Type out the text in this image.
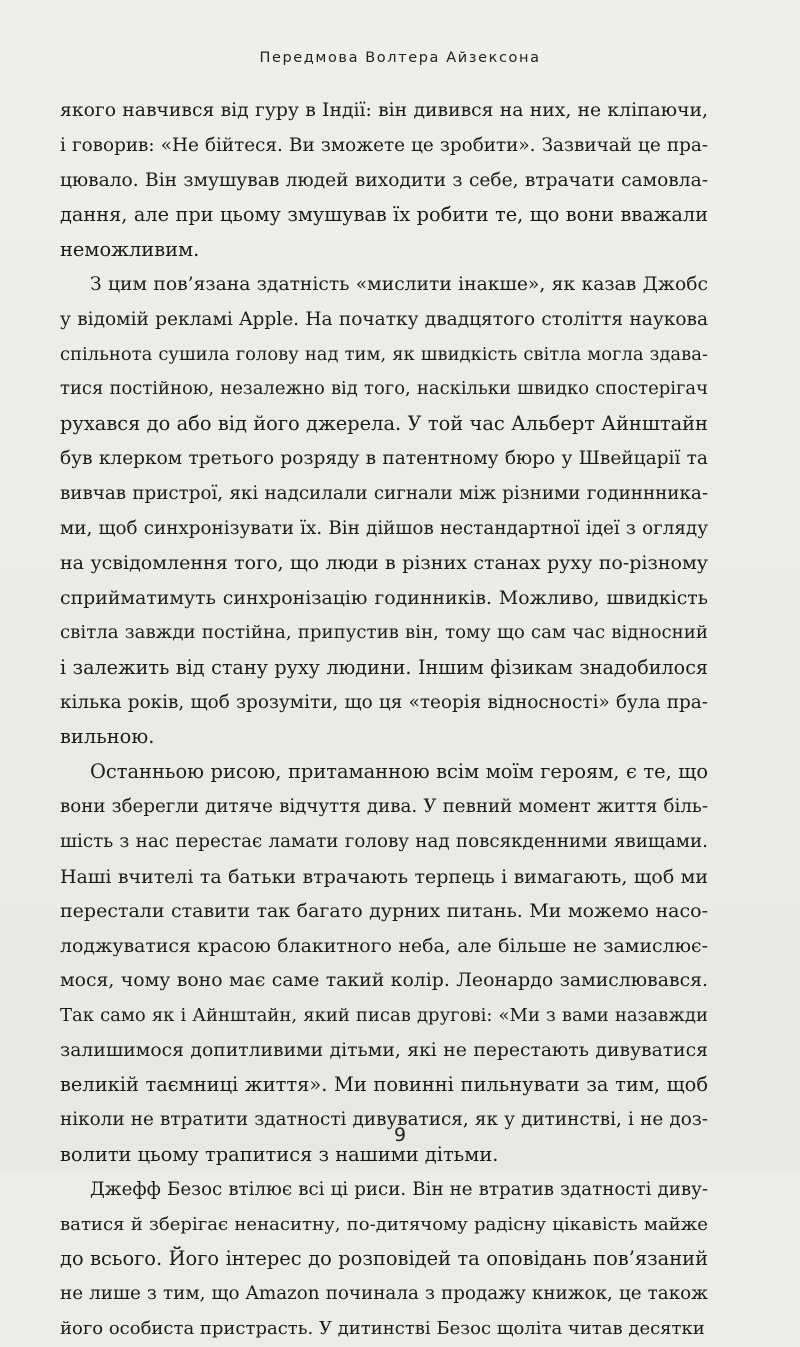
Передмова Волтера Айзексона
якого навчився від гуру в Індії: він дивився на них, не кліпаючи,
і говорив: «Не бійтеся. Ви зможете це зробити». Зазвичай це пра-
цювало. Він змушував людей виходити з себе, втрачати самовла-
дання, але при цьому змушував їх робити те, що вони вважали
неможливим.
З цим пов’язана здатність «мислити інакше», як казав Джобс
у відомій рекламі Apple. На початку двадцятого століття наукова
спільнота сушила голову над тим, як швидкість світла могла здава-
тися постійною, незалежно від того, наскільки швидко спостерігач
рухався до або від його джерела. У той час Альберт Айнштайн
був клерком третього розряду в патентному бюро у Швейцарії та
вивчав пристрої, які надсилали сигнали між різними годиннника-
ми, щоб синхронізувати їх. Він дійшов нестандартної ідеї з огляду
на усвідомлення того, що люди в різних станах руху по-різному
сприйматимуть синхронізацію годинників. Можливо, швидкість
світла завжди постійна, припустив він, тому що сам час відносний
і залежить від стану руху людини. Іншим фізикам знадобилося
кілька років, щоб зрозуміти, що ця «теорія відносності» була пра-
вильною.
Останньою рисою, притаманною всім моїм героям, є те, що
вони зберегли дитяче відчуття дива. У певний момент життя біль-
шість з нас перестає ламати голову над повсякденними явищами.
Наші вчителі та батьки втрачають терпець і вимагають, щоб ми
перестали ставити так багато дурних питань. Ми можемо насо-
лоджуватися красою блакитного неба, але більше не замислює-
мося, чому воно має саме такий колір. Леонардо замислювався.
Так само як і Айнштайн, який писав другові: «Ми з вами назавжди
залишимося допитливими дітьми, які не перестають дивуватися
великій таємниці життя». Ми повинні пильнувати за тим, щоб
ніколи не втратити здатності дивуватися, як у дитинстві, і не доз-
волити цьому трапитися з нашими дітьми.
Джефф Безос втілює всі ці риси. Він не втратив здатності диву-
ватися й зберігає ненаситну, по-дитячому радісну цікавість майже
до всього. Його інтерес до розповідей та оповідань пов’язаний
не лише з тим, що Amazon починала з продажу книжок, це також
його особиста пристрасть. У дитинстві Безос щоліта читав десятки
9
